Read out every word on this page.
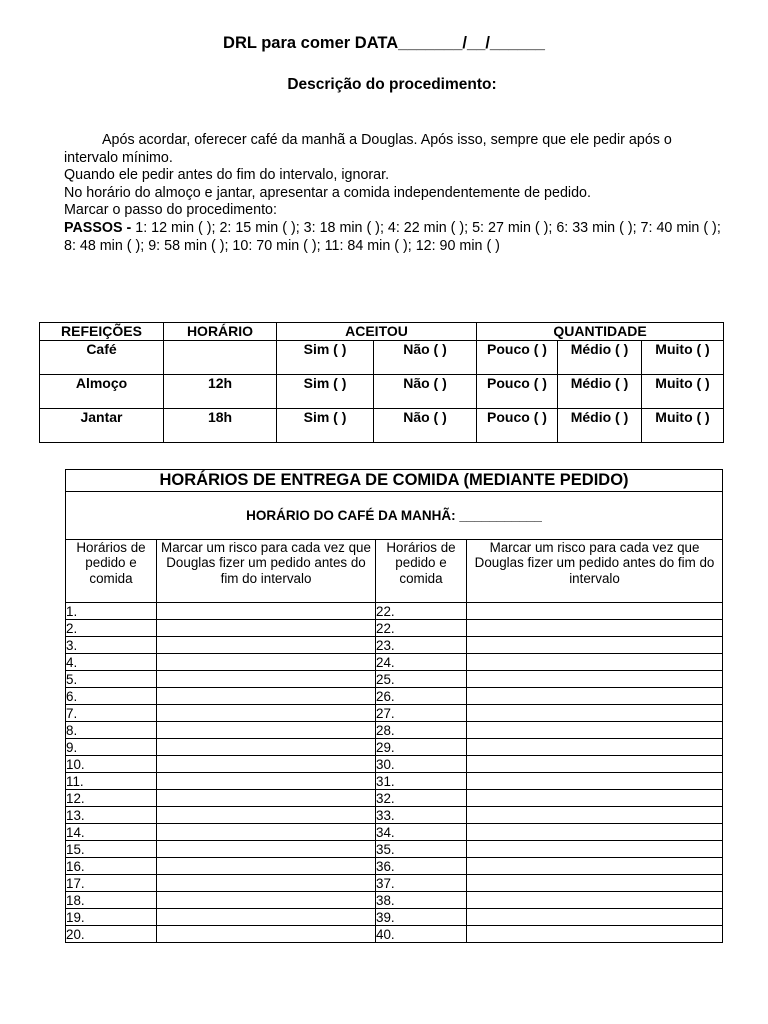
DRL para comer DATA_______/__/______
Descrição do procedimento:

Após acordar, oferecer café da manhã a Douglas. Após isso, sempre que ele pedir após o intervalo mínimo.

Quando ele pedir antes do fim do intervalo, ignorar.

No horário do almoço e jantar, apresentar a comida independentemente de pedido.

Marcar o passo do procedimento:

PASSOS - 1: 12 min ( ); 2: 15 min ( ); 3: 18 min ( ); 4: 22 min ( ); 5: 27 min ( ); 6: 33 min ( ); 7: 40 min ( ); 8: 48 min ( ); 9: 58 min ( ); 10: 70 min ( ); 11: 84 min ( ); 12: 90 min ( )

REFEIÇÕES	HORÁRIO	ACEITOU		QUANTIDADE		
Café		Sim ( )	Não ( )	Pouco ( )	Médio ( )	Muito ( )
Almoço	12h	Sim ( )	Não ( )	Pouco ( )	Médio ( )	Muito ( )
Jantar	18h	Sim ( )	Não ( )	Pouco ( )	Médio ( )	Muito ( )
HORÁRIOS DE ENTREGA DE COMIDA (MEDIANTE PEDIDO)			
HORÁRIO DO CAFÉ DA MANHÃ: ___________			
Horários de pedido e comida	Marcar um risco para cada vez que Douglas fizer um pedido antes do fim do intervalo	Horários de pedido e comida	Marcar um risco para cada vez que Douglas fizer um pedido antes do fim do intervalo
1.		22.	
2.		22.	
3.		23.	
4.		24.	
5.		25.	
6.		26.	
7.		27.	
8.		28.	
9.		29.	
10.		30.	
11.		31.	
12.		32.	
13.		33.	
14.		34.	
15.		35.	
16.		36.	
17.		37.	
18.		38.	
19.		39.	
20.		40.	
